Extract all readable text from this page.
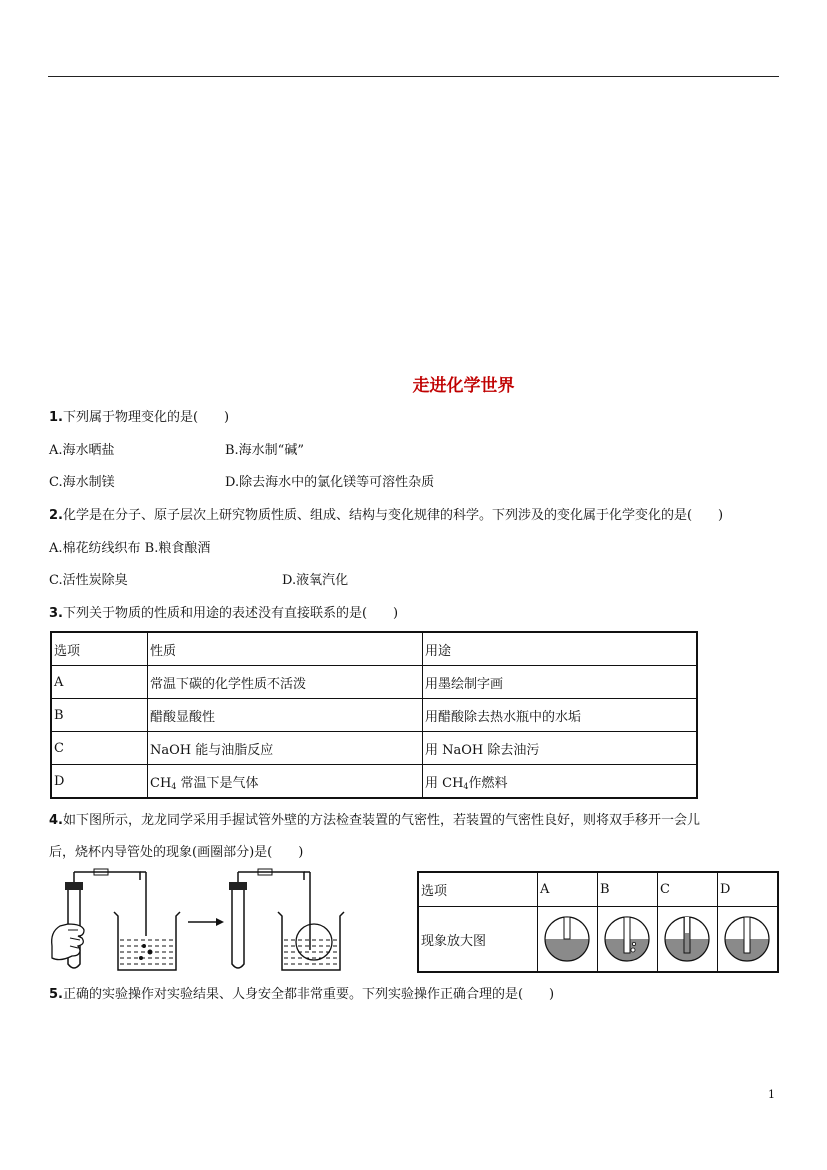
走进化学世界
1.下列属于物理变化的是(　　)
A.海水晒盐	B.海水制“碱”
C.海水制镁	D.除去海水中的氯化镁等可溶性杂质
2.化学是在分子、原子层次上研究物质性质、组成、结构与变化规律的科学。下列涉及的变化属于化学变化的是(　　)
A.棉花纺线织布 B.粮食酿酒
C.活性炭除臭	D.液氧汽化
3.下列关于物质的性质和用途的表述没有直接联系的是(　　)
选项	性质	用途
A	常温下碳的化学性质不活泼	用墨绘制字画
B	醋酸显酸性	用醋酸除去热水瓶中的水垢
C	NaOH 能与油脂反应	用 NaOH 除去油污
D	$CH_4$ 常温下是气体	用 $CH_4$作燃料
4.如下图所示，龙龙同学采用手握试管外壁的方法检查装置的气密性，若装置的气密性良好，则将双手移开一会儿
后，烧杯内导管处的现象(画圈部分)是(　　)
选项	A	B	C	D
现象放大图	

5.正确的实验操作对实验结果、人身安全都非常重要。下列实验操作正确合理的是(　　)
1
